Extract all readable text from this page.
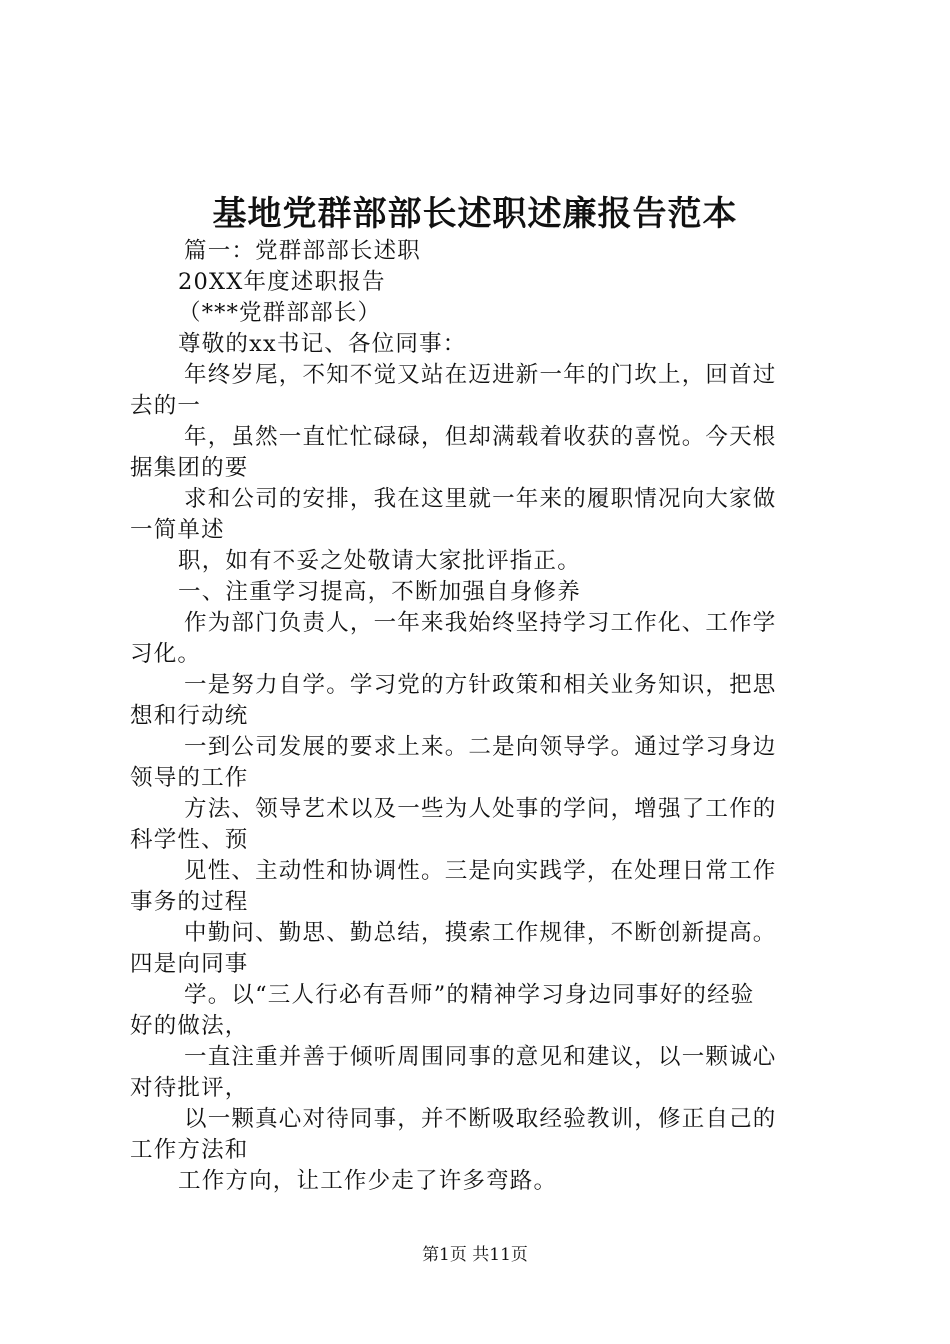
基地党群部部长述职述廉报告范本
篇一：党群部部长述职
20XX年度述职报告
（***党群部部长）
尊敬的xx书记、各位同事：
年终岁尾，不知不觉又站在迈进新一年的门坎上，回首过
去的一
年，虽然一直忙忙碌碌，但却满载着收获的喜悦。今天根
据集团的要
求和公司的安排，我在这里就一年来的履职情况向大家做
一简单述
职，如有不妥之处敬请大家批评指正。
一、注重学习提高，不断加强自身修养
作为部门负责人，一年来我始终坚持学习工作化、工作学
习化。
一是努力自学。学习党的方针政策和相关业务知识，把思
想和行动统
一到公司发展的要求上来。二是向领导学。通过学习身边
领导的工作
方法、领导艺术以及一些为人处事的学问，增强了工作的
科学性、预
见性、主动性和协调性。三是向实践学，在处理日常工作
事务的过程
中勤问、勤思、勤总结，摸索工作规律，不断创新提高。
四是向同事
学。以“三人行必有吾师”的精神学习身边同事好的经验
好的做法，
一直注重并善于倾听周围同事的意见和建议，以一颗诚心
对待批评，
以一颗真心对待同事，并不断吸取经验教训，修正自己的
工作方法和
工作方向，让工作少走了许多弯路。
第1页 共11页
